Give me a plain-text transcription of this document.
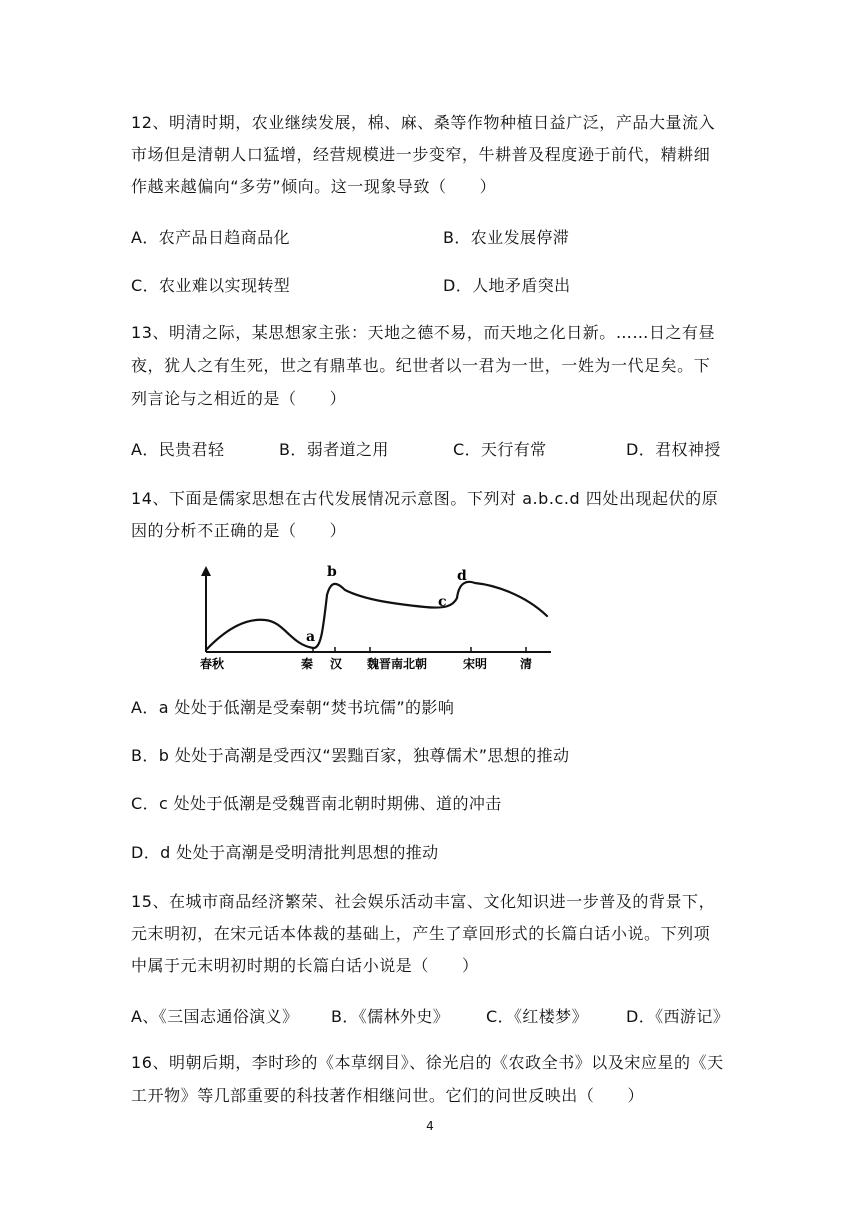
12、明清时期，农业继续发展，棉、麻、桑等作物种植日益广泛，产品大量流入
市场但是清朝人口猛增，经营规模进一步变窄，牛耕普及程度逊于前代，精耕细
作越来越偏向“多劳”倾向。这一现象导致（　　）
A．农产品日趋商品化	B．农业发展停滞
C．农业难以实现转型	D．人地矛盾突出
13、明清之际，某思想家主张：天地之德不易，而天地之化日新。……日之有昼
夜，犹人之有生死，世之有鼎革也。纪世者以一君为一世，一姓为一代足矣。下
列言论与之相近的是（　　）
A．民贵君轻	B．弱者道之用	C．天行有常	D．君权神授
14、下面是儒家思想在古代发展情况示意图。下列对 a.b.c.d 四处出现起伏的原
因的分析不正确的是（　　）
a
b
c
d
春秋	秦 汉 魏晋南北朝	宋明	清
A．a 处处于低潮是受秦朝“焚书坑儒”的影响
B．b 处处于高潮是受西汉“罢黜百家，独尊儒术”思想的推动
C．c 处处于低潮是受魏晋南北朝时期佛、道的冲击
D．d 处处于高潮是受明清批判思想的推动
15、在城市商品经济繁荣、社会娱乐活动丰富、文化知识进一步普及的背景下，
元末明初，在宋元话本体裁的基础上，产生了章回形式的长篇白话小说。下列项
中属于元末明初时期的长篇白话小说是（　　）
A、《三国志通俗演义》 B．《儒林外史》 C．《红楼梦》 D．《西游记》
16、明朝后期，李时珍的《本草纲目》、徐光启的《农政全书》以及宋应星的《天
工开物》等几部重要的科技著作相继问世。它们的问世反映出（　　）
4
